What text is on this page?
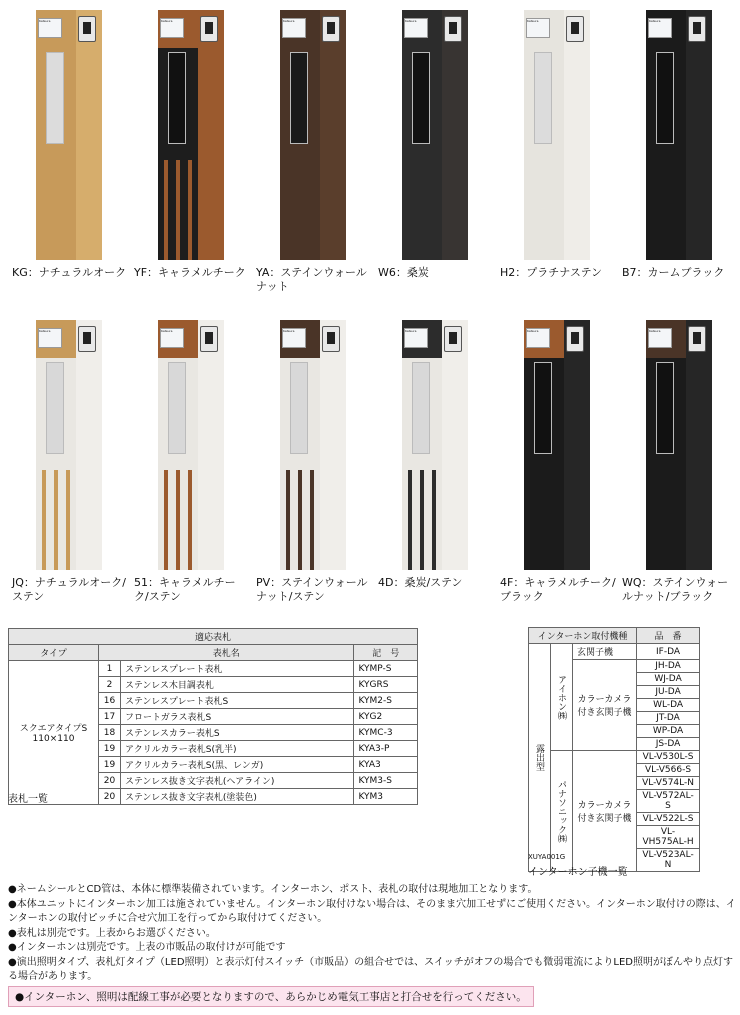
Katsura
KG：ナチュラルオーク
Katsura
YF：キャラメルチーク
Katsura
YA：ステインウォールナット
Katsura
W6：桑炭
Katsura
H2：プラチナステン
Katsura
B7：カームブラック
Katsura
JQ：ナチュラルオーク/ステン
Katsura
51：キャラメルチーク/ステン
Katsura
PV：ステインウォールナット/ステン
Katsura
4D：桑炭/ステン
Katsura
4F：キャラメルチーク/ブラック
Katsura
WQ：ステインウォールナット/ブラック
適応表札			
タイプ	表札名		記　号
スクエアタイプS
110×110	1	ステンレスプレート表札	KYMP-S
	2	ステンレス木目調表札	KYGRS
	16	ステンレスプレート表札S	KYM2-S
	17	フロートガラス表札S	KYG2
	18	ステンレスカラー表札S	KYMC-3
	19	アクリルカラー表札S(乳半)	KYA3-P
	19	アクリルカラー表札S(黒、レンガ)	KYA3
	20	ステンレス抜き文字表札(ヘアライン)	KYM3-S
	20	ステンレス抜き文字表札(塗装色)	KYM3
表札一覧
インターホン取付機種			品　番
露出型	アイホン㈱	玄関子機	IF-DA
		カラーカメラ付き玄関子機	JH-DA
			WJ-DA
			JU-DA
			WL-DA
			JT-DA
			WP-DA
			JS-DA
	パナソニック㈱	カラーカメラ付き玄関子機	VL-V530L-S
			VL-V566-S
			VL-V574L-N
			VL-V572AL-S
			VL-V522L-S
			VL-VH575AL-H
			VL-V523AL-N
XUYA001G
インターホン子機一覧

●ネームシールとCD管は、本体に標準装備されています。インターホン、ポスト、表札の取付は現地加工となります。

●本体ユニットにインターホン加工は施されていません。インターホン取付けない場合は、そのまま穴加工せずにご使用ください。インターホン取付けの際は、インターホンの取付ピッチに合せ穴加工を行ってから取付けてください。

●表札は別売です。上表からお選びください。

●インターホンは別売です。上表の市販品の取付けが可能です

●演出照明タイプ、表札灯タイプ（LED照明）と表示灯付スイッチ（市販品）の組合せでは、スイッチがオフの場合でも微弱電流によりLED照明がぼんやり点灯する場合があります。

●インターホン、照明は配線工事が必要となりますので、あらかじめ電気工事店と打合せを行ってください。
